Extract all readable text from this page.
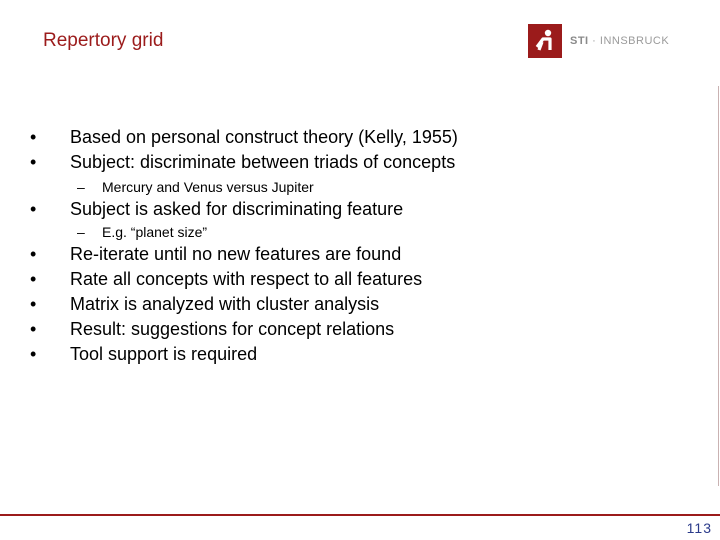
Repertory grid	STI · INNSBRUCK
• Based on personal construct theory (Kelly, 1955)
• Subject: discriminate between triads of concepts
– Mercury and Venus versus Jupiter
• Subject is asked for discriminating feature
– E.g. “planet size”
• Re-iterate until no new features are found
• Rate all concepts with respect to all features
• Matrix is analyzed with cluster analysis
• Result: suggestions for concept relations
• Tool support is required
113
